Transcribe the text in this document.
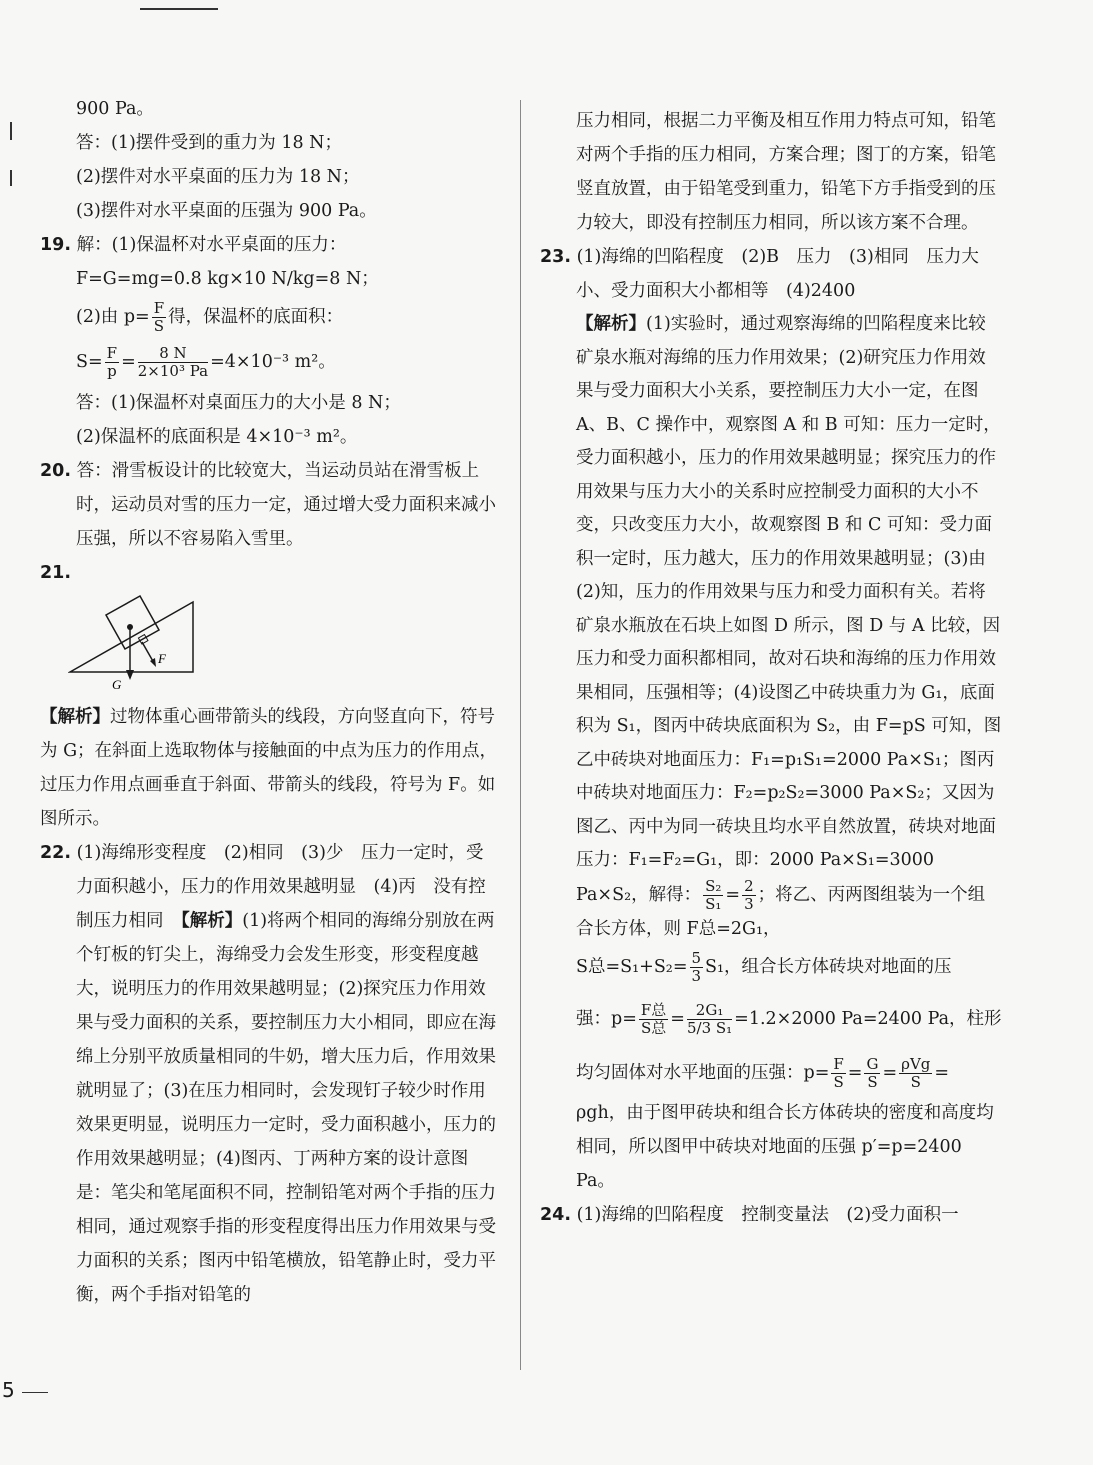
900 Pa。
答：(1)摆件受到的重力为 18 N；
(2)摆件对水平桌面的压力为 18 N；
(3)摆件对水平桌面的压强为 900 Pa。
19. 解：(1)保温杯对水平桌面的压力：
F=G=mg=0.8 kg×10 N/kg=8 N；
(2)由 $p= \frac{F}{S}$ 得，保温杯的底面积：
$S= \frac{F}{p} = \frac{8 N}{\text{2×10³ Pa}} =4\times 10^{-3}$ m²。
答：(1)保温杯对桌面压力的大小是 8 N；
(2)保温杯的底面积是 4×10⁻³ m²。
20. 答：滑雪板设计的比较宽大，当运动员站在滑雪板上时，运动员对雪的压力一定，通过增大受力面积来减小压强，所以不容易陷入雪里。
21.
F
G
【解析】过物体重心画带箭头的线段，方向竖直向下，符号为 G；在斜面上选取物体与接触面的中点为压力的作用点，过压力作用点画垂直于斜面、带箭头的线段，符号为 F。如图所示。
22. (1)海绵形变程度　(2)相同　(3)少　压力一定时，受力面积越小，压力的作用效果越明显　(4)丙　没有控制压力相同　【解析】(1)将两个相同的海绵分别放在两个钉板的钉尖上，海绵受力会发生形变，形变程度越大，说明压力的作用效果越明显；(2)探究压力作用效果与受力面积的关系，要控制压力大小相同，即应在海绵上分别平放质量相同的牛奶，增大压力后，作用效果就明显了；(3)在压力相同时，会发现钉子较少时作用效果更明显，说明压力一定时，受力面积越小，压力的作用效果越明显；(4)图丙、丁两种方案的设计意图是：笔尖和笔尾面积不同，控制铅笔对两个手指的压力相同，通过观察手指的形变程度得出压力作用效果与受力面积的关系；图丙中铅笔横放，铅笔静止时，受力平衡，两个手指对铅笔的
压力相同，根据二力平衡及相互作用力特点可知，铅笔对两个手指的压力相同，方案合理；图丁的方案，铅笔竖直放置，由于铅笔受到重力，铅笔下方手指受到的压力较大，即没有控制压力相同，所以该方案不合理。
23. (1)海绵的凹陷程度　(2)B　压力　(3)相同　压力大小、受力面积大小都相等　(4)2400
【解析】(1)实验时，通过观察海绵的凹陷程度来比较矿泉水瓶对海绵的压力作用效果；(2)研究压力作用效果与受力面积大小关系，要控制压力大小一定，在图 A、B、C 操作中，观察图 A 和 B 可知：压力一定时，受力面积越小，压力的作用效果越明显；探究压力的作用效果与压力大小的关系时应控制受力面积的大小不变，只改变压力大小，故观察图 B 和 C 可知：受力面积一定时，压力越大，压力的作用效果越明显；(3)由(2)知，压力的作用效果与压力和受力面积有关。若将矿泉水瓶放在石块上如图 D 所示，图 D 与 A 比较，因压力和受力面积都相同，故对石块和海绵的压力作用效果相同，压强相等；(4)设图乙中砖块重力为 G₁，底面积为 S₁，图丙中砖块底面积为 S₂，由 F=pS 可知，图乙中砖块对地面压力：F₁=p₁S₁=2000 Pa×S₁；图丙中砖块对地面压力：F₂=p₂S₂=3000 Pa×S₂；又因为图乙、丙中为同一砖块且均水平自然放置，砖块对地面压力：F₁=F₂=G₁，即：2000 Pa×S₁=3000 Pa×S₂，解得： $\frac{\text{S₂}}{\text{S₁}} = \frac{2}{3}$ ；将乙、丙两图组装为一个组合长方体，则 F总=2G₁，
S总$=S_1+S_2= \frac{5}{3} S_1$，组合长方体砖块对地面的压
强：$p= \frac{\text{F总}}{\text{S总}} = \frac{\text{2G₁}}{\text{5/3 S₁}} =1.2\times 2000$ Pa=2400 Pa，柱形
均匀固体对水平地面的压强：$p= \frac{F}{S} = \frac{G}{S} = \frac{\text{ρVg}}{S}$ =
ρgh，由于图甲砖块和组合长方体砖块的密度和高度均相同，所以图甲中砖块对地面的压强 p′=p=2400 Pa。
24. (1)海绵的凹陷程度　控制变量法　(2)受力面积一
5
